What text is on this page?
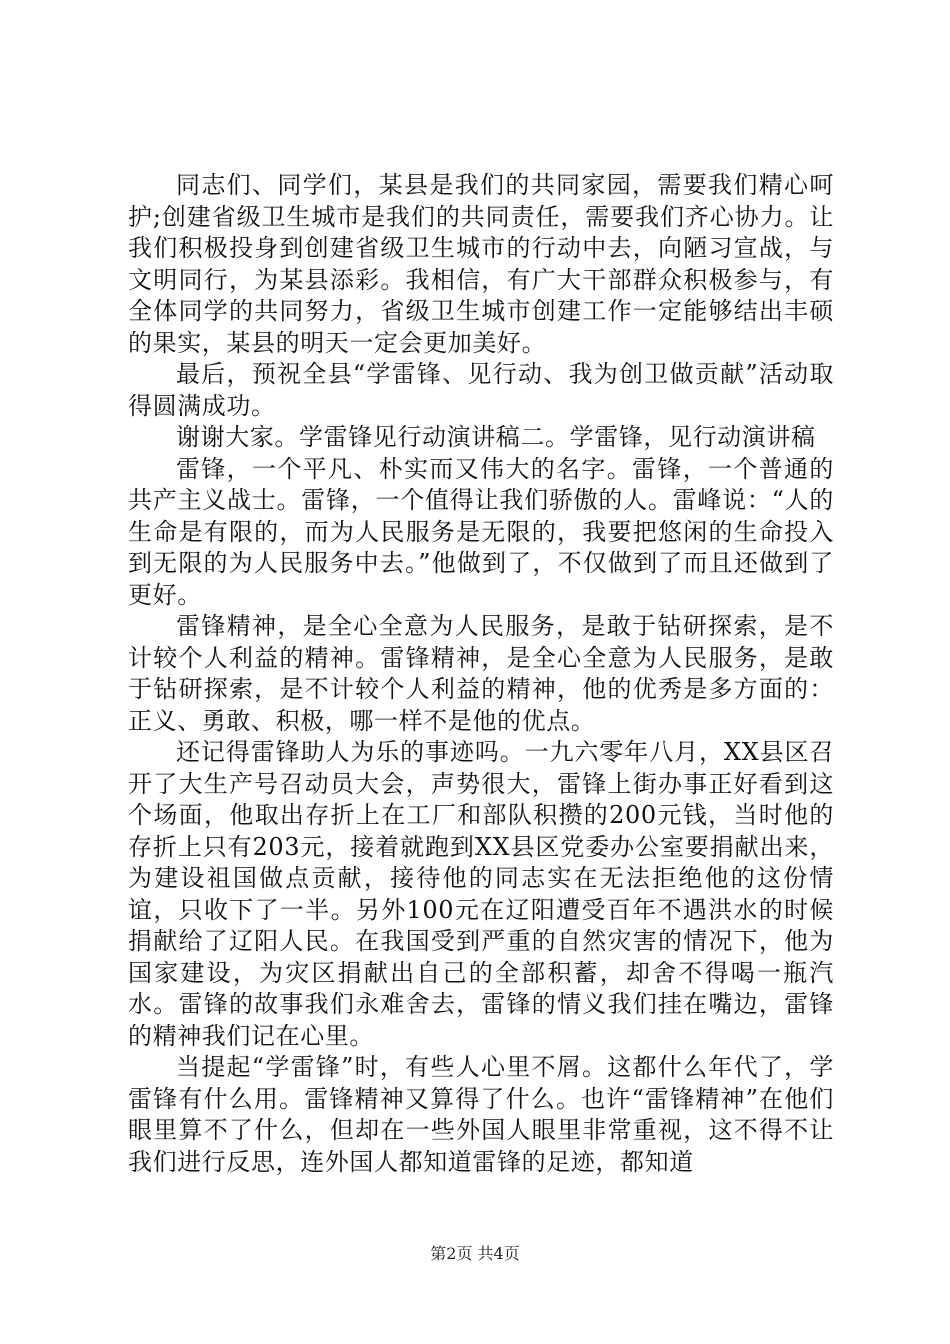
同志们、同学们，某县是我们的共同家园，需要我们精心呵护;创建省级卫生城市是我们的共同责任，需要我们齐心协力。让我们积极投身到创建省级卫生城市的行动中去，向陋习宣战，与文明同行，为某县添彩。我相信，有广大干部群众积极参与，有全体同学的共同努力，省级卫生城市创建工作一定能够结出丰硕的果实，某县的明天一定会更加美好。

最后，预祝全县“学雷锋、见行动、我为创卫做贡献”活动取得圆满成功。

谢谢大家。学雷锋见行动演讲稿二。学雷锋，见行动演讲稿

雷锋，一个平凡、朴实而又伟大的名字。雷锋，一个普通的共产主义战士。雷锋，一个值得让我们骄傲的人。雷峰说：“人的生命是有限的，而为人民服务是无限的，我要把悠闲的生命投入到无限的为人民服务中去。”他做到了，不仅做到了而且还做到了更好。

雷锋精神，是全心全意为人民服务，是敢于钻研探索，是不计较个人利益的精神。雷锋精神，是全心全意为人民服务，是敢于钻研探索，是不计较个人利益的精神，他的优秀是多方面的：正义、勇敢、积极，哪一样不是他的优点。

还记得雷锋助人为乐的事迹吗。一九六零年八月，XX县区召开了大生产号召动员大会，声势很大，雷锋上街办事正好看到这个场面，他取出存折上在工厂和部队积攒的200元钱，当时他的存折上只有203元，接着就跑到XX县区党委办公室要捐献出来，为建设祖国做点贡献，接待他的同志实在无法拒绝他的这份情谊，只收下了一半。另外100元在辽阳遭受百年不遇洪水的时候捐献给了辽阳人民。在我国受到严重的自然灾害的情况下，他为国家建设，为灾区捐献出自己的全部积蓄，却舍不得喝一瓶汽水。雷锋的故事我们永难舍去，雷锋的情义我们挂在嘴边，雷锋的精神我们记在心里。

当提起“学雷锋”时，有些人心里不屑。这都什么年代了，学雷锋有什么用。雷锋精神又算得了什么。也许“雷锋精神”在他们眼里算不了什么，但却在一些外国人眼里非常重视，这不得不让我们进行反思，连外国人都知道雷锋的足迹，都知道

第2页 共4页
